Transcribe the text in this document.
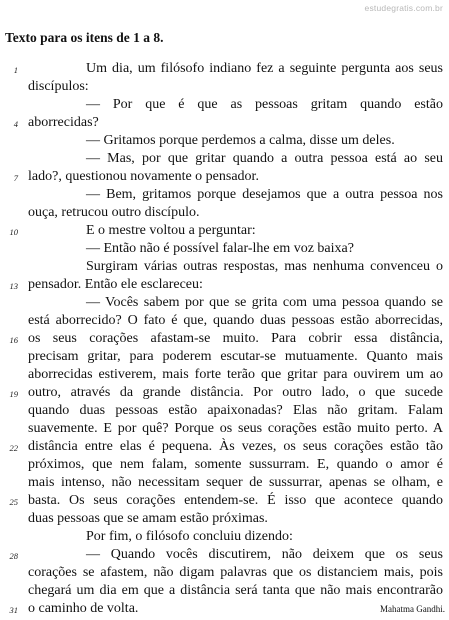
estudegratis.com.br
Texto para os itens de 1 a 8.
1	Um dia, um filósofo indiano fez a seguinte pergunta aos seus
discípulos:
— Por que é que as pessoas gritam quando estão
4 aborrecidas?
— Gritamos porque perdemos a calma, disse um deles.
— Mas, por que gritar quando a outra pessoa está ao seu
7 lado?, questionou novamente o pensador.
— Bem, gritamos porque desejamos que a outra pessoa nos
ouça, retrucou outro discípulo.
10	E o mestre voltou a perguntar:
— Então não é possível falar-lhe em voz baixa?
Surgiram várias outras respostas, mas nenhuma convenceu o
13 pensador. Então ele esclareceu:
— Vocês sabem por que se grita com uma pessoa quando se
está aborrecido? O fato é que, quando duas pessoas estão aborrecidas,
16 os seus corações afastam-se muito. Para cobrir essa distância,
precisam gritar, para poderem escutar-se mutuamente. Quanto mais
aborrecidas estiverem, mais forte terão que gritar para ouvirem um ao
19 outro, através da grande distância. Por outro lado, o que sucede
quando duas pessoas estão apaixonadas? Elas não gritam. Falam
suavemente. E por quê? Porque os seus corações estão muito perto. A
22 distância entre elas é pequena. Às vezes, os seus corações estão tão
próximos, que nem falam, somente sussurram. E, quando o amor é
mais intenso, não necessitam sequer de sussurrar, apenas se olham, e
25 basta. Os seus corações entendem-se. É isso que acontece quando
duas pessoas que se amam estão próximas.
Por fim, o filósofo concluiu dizendo:
28	— Quando vocês discutirem, não deixem que os seus
corações se afastem, não digam palavras que os distanciem mais, pois
chegará um dia em que a distância será tanta que não mais encontrarão
31 o caminho de volta.	Mahatma Gandhi.
